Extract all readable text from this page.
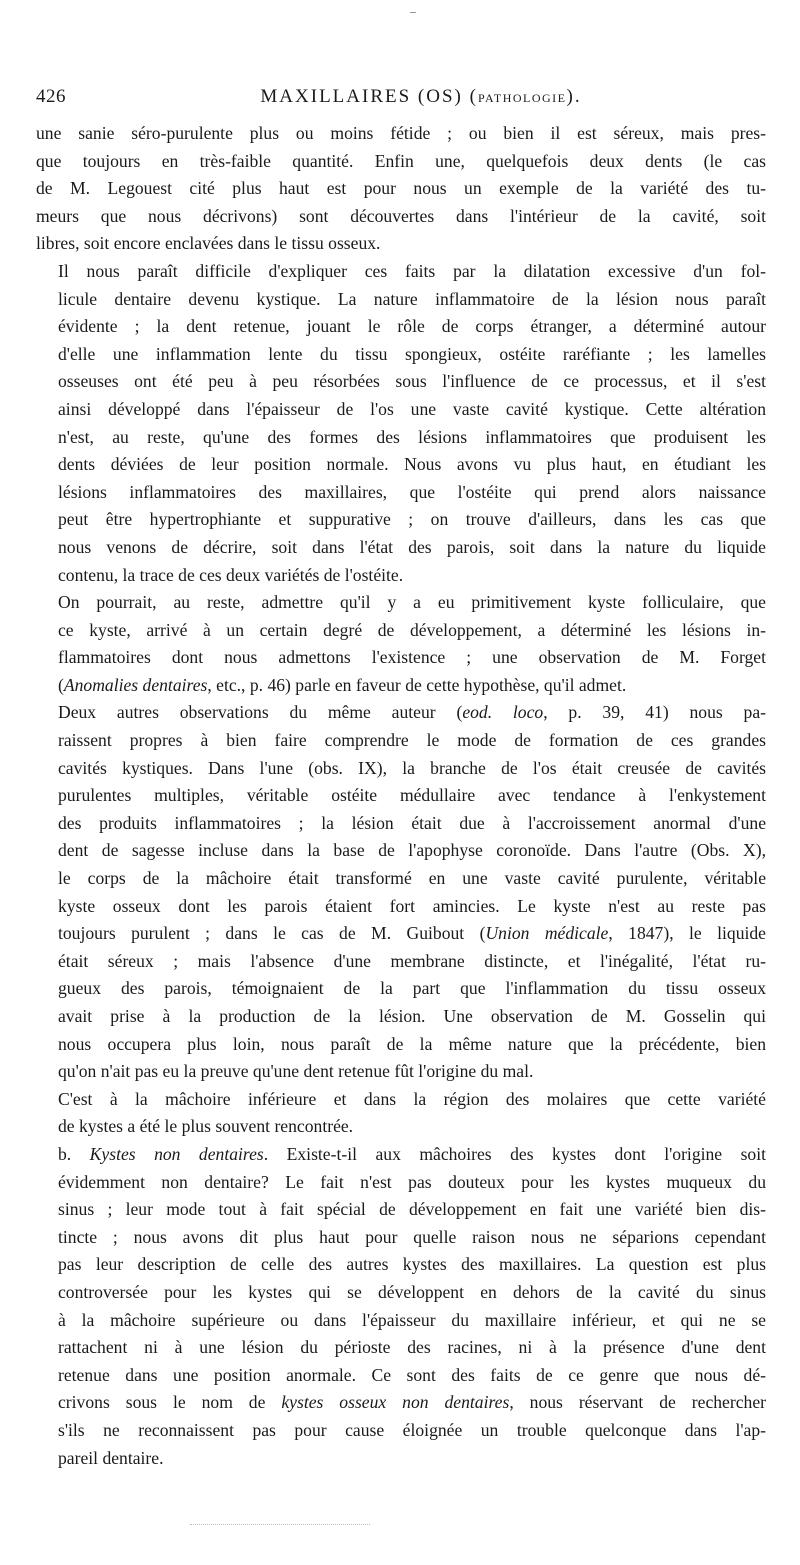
426	MAXILLAIRES (OS) (PATHOLOGIE).

une sanie séro-purulente plus ou moins fétide ; ou bien il est séreux, mais pres-
que toujours en très-faible quantité. Enfin une, quelquefois deux dents (le cas
de M. Legouest cité plus haut est pour nous un exemple de la variété des tu-
meurs que nous décrivons) sont découvertes dans l'intérieur de la cavité, soit
libres, soit encore enclavées dans le tissu osseux.

Il nous paraît difficile d'expliquer ces faits par la dilatation excessive d'un fol-
licule dentaire devenu kystique. La nature inflammatoire de la lésion nous paraît
évidente ; la dent retenue, jouant le rôle de corps étranger, a déterminé autour
d'elle une inflammation lente du tissu spongieux, ostéite raréfiante ; les lamelles
osseuses ont été peu à peu résorbées sous l'influence de ce processus, et il s'est
ainsi développé dans l'épaisseur de l'os une vaste cavité kystique. Cette altération
n'est, au reste, qu'une des formes des lésions inflammatoires que produisent les
dents déviées de leur position normale. Nous avons vu plus haut, en étudiant les
lésions inflammatoires des maxillaires, que l'ostéite qui prend alors naissance
peut être hypertrophiante et suppurative ; on trouve d'ailleurs, dans les cas que
nous venons de décrire, soit dans l'état des parois, soit dans la nature du liquide
contenu, la trace de ces deux variétés de l'ostéite.

On pourrait, au reste, admettre qu'il y a eu primitivement kyste folliculaire, que
ce kyste, arrivé à un certain degré de développement, a déterminé les lésions in-
flammatoires dont nous admettons l'existence ; une observation de M. Forget
(Anomalies dentaires, etc., p. 46) parle en faveur de cette hypothèse, qu'il admet.

Deux autres observations du même auteur (eod. loco, p. 39, 41) nous pa-
raissent propres à bien faire comprendre le mode de formation de ces grandes
cavités kystiques. Dans l'une (obs. IX), la branche de l'os était creusée de cavités
purulentes multiples, véritable ostéite médullaire avec tendance à l'enkystement
des produits inflammatoires ; la lésion était due à l'accroissement anormal d'une
dent de sagesse incluse dans la base de l'apophyse coronoïde. Dans l'autre (Obs. X),
le corps de la mâchoire était transformé en une vaste cavité purulente, véritable
kyste osseux dont les parois étaient fort amincies. Le kyste n'est au reste pas
toujours purulent ; dans le cas de M. Guibout (Union médicale, 1847), le liquide
était séreux ; mais l'absence d'une membrane distincte, et l'inégalité, l'état ru-
gueux des parois, témoignaient de la part que l'inflammation du tissu osseux
avait prise à la production de la lésion. Une observation de M. Gosselin qui
nous occupera plus loin, nous paraît de la même nature que la précédente, bien
qu'on n'ait pas eu la preuve qu'une dent retenue fût l'origine du mal.

C'est à la mâchoire inférieure et dans la région des molaires que cette variété
de kystes a été le plus souvent rencontrée.

b. Kystes non dentaires. Existe-t-il aux mâchoires des kystes dont l'origine soit
évidemment non dentaire? Le fait n'est pas douteux pour les kystes muqueux du
sinus ; leur mode tout à fait spécial de développement en fait une variété bien dis-
tincte ; nous avons dit plus haut pour quelle raison nous ne séparions cependant
pas leur description de celle des autres kystes des maxillaires. La question est plus
controversée pour les kystes qui se développent en dehors de la cavité du sinus
à la mâchoire supérieure ou dans l'épaisseur du maxillaire inférieur, et qui ne se
rattachent ni à une lésion du périoste des racines, ni à la présence d'une dent
retenue dans une position anormale. Ce sont des faits de ce genre que nous dé-
crivons sous le nom de kystes osseux non dentaires, nous réservant de rechercher
s'ils ne reconnaissent pas pour cause éloignée un trouble quelconque dans l'ap-
pareil dentaire.
